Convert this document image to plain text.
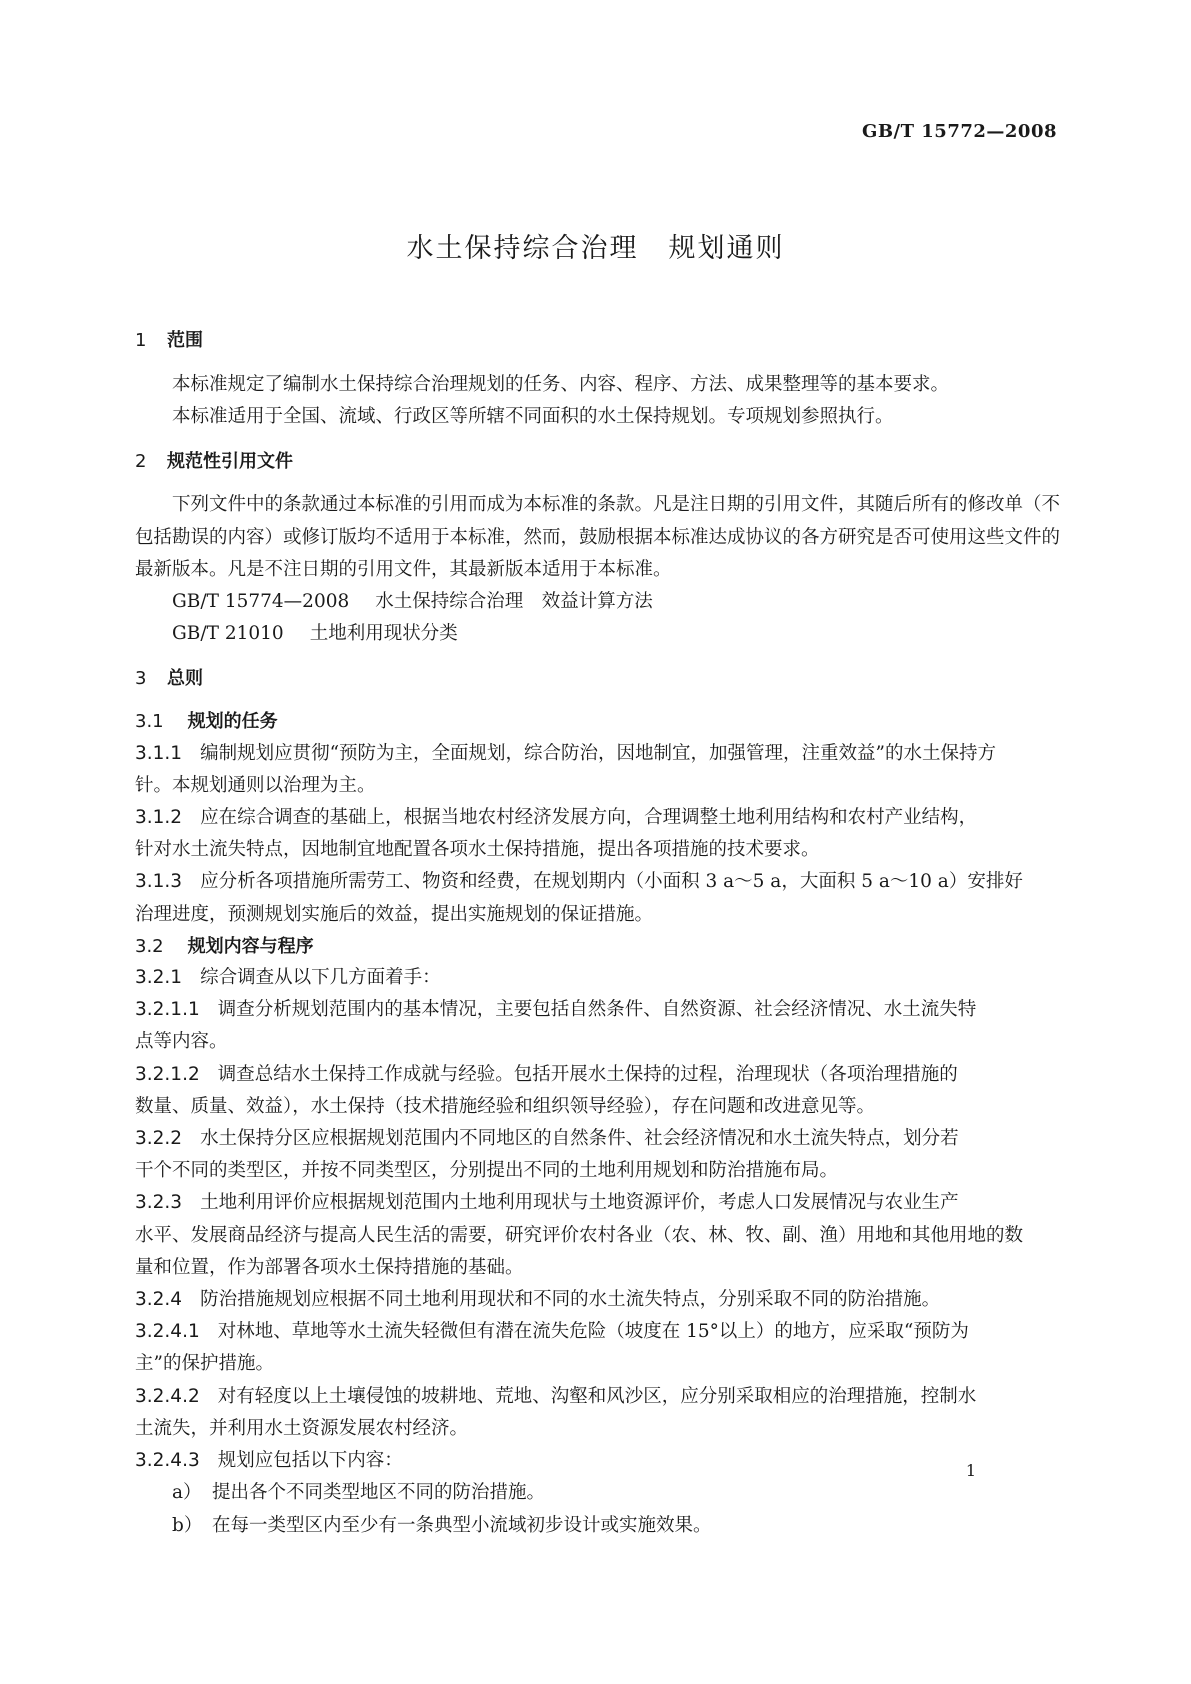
GB/T 15772—2008
水土保持综合治理 规划通则
1 范围

本标准规定了编制水土保持综合治理规划的任务、内容、程序、方法、成果整理等的基本要求。

本标准适用于全国、流域、行政区等所辖不同面积的水土保持规划。专项规划参照执行。

2 规范性引用文件

下列文件中的条款通过本标准的引用而成为本标准的条款。凡是注日期的引用文件，其随后所有的修改单（不包括勘误的内容）或修订版均不适用于本标准，然而，鼓励根据本标准达成协议的各方研究是否可使用这些文件的最新版本。凡是不注日期的引用文件，其最新版本适用于本标准。

GB/T 15774—2008 水土保持综合治理　效益计算方法

GB/T 21010 土地利用现状分类

3 总则
3.1 规划的任务

3.1.1 编制规划应贯彻“预防为主，全面规划，综合防治，因地制宜，加强管理，注重效益”的水土保持方

针。本规划通则以治理为主。

3.1.2 应在综合调查的基础上，根据当地农村经济发展方向，合理调整土地利用结构和农村产业结构，

针对水土流失特点，因地制宜地配置各项水土保持措施，提出各项措施的技术要求。

3.1.3 应分析各项措施所需劳工、物资和经费，在规划期内（小面积 3 a～5 a，大面积 5 a～10 a）安排好

治理进度，预测规划实施后的效益，提出实施规划的保证措施。

3.2 规划内容与程序

3.2.1 综合调查从以下几方面着手：

3.2.1.1 调查分析规划范围内的基本情况，主要包括自然条件、自然资源、社会经济情况、水土流失特

点等内容。

3.2.1.2 调查总结水土保持工作成就与经验。包括开展水土保持的过程，治理现状（各项治理措施的

数量、质量、效益），水土保持（技术措施经验和组织领导经验），存在问题和改进意见等。

3.2.2 水土保持分区应根据规划范围内不同地区的自然条件、社会经济情况和水土流失特点，划分若

干个不同的类型区，并按不同类型区，分别提出不同的土地利用规划和防治措施布局。

3.2.3 土地利用评价应根据规划范围内土地利用现状与土地资源评价，考虑人口发展情况与农业生产

水平、发展商品经济与提高人民生活的需要，研究评价农村各业（农、林、牧、副、渔）用地和其他用地的数

量和位置，作为部署各项水土保持措施的基础。

3.2.4 防治措施规划应根据不同土地利用现状和不同的水土流失特点，分别采取不同的防治措施。

3.2.4.1 对林地、草地等水土流失轻微但有潜在流失危险（坡度在 15°以上）的地方，应采取“预防为

主”的保护措施。

3.2.4.2 对有轻度以上土壤侵蚀的坡耕地、荒地、沟壑和风沙区，应分别采取相应的治理措施，控制水

土流失，并利用水土资源发展农村经济。

3.2.4.3 规划应包括以下内容：

a） 提出各个不同类型地区不同的防治措施。

b） 在每一类型区内至少有一条典型小流域初步设计或实施效果。

1
